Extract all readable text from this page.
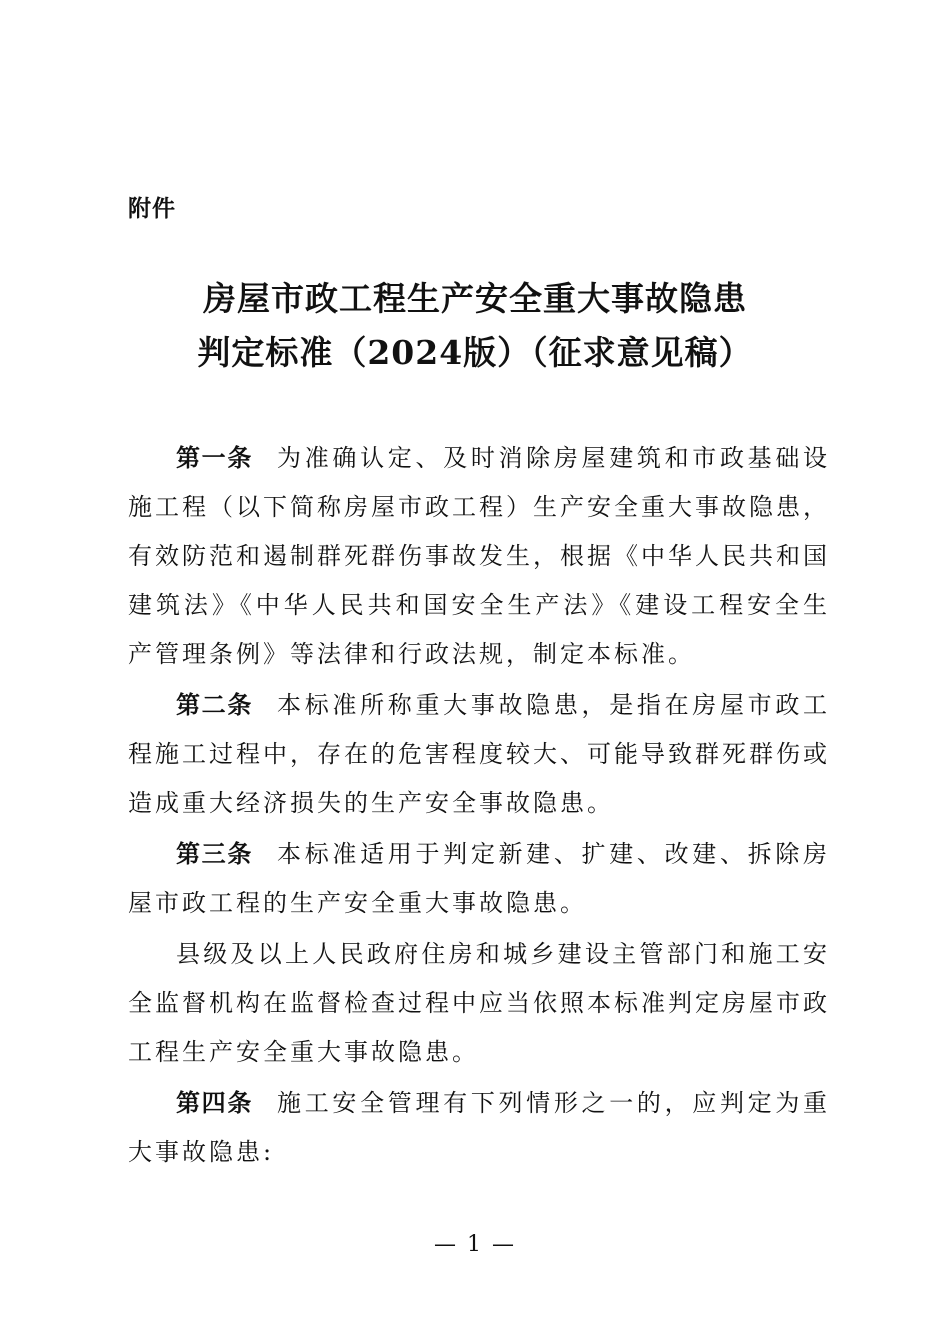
附件
房屋市政工程生产安全重大事故隐患
判定标准（2024版）（征求意见稿）

第一条 为准确认定、及时消除房屋建筑和市政基础设施工程（以下简称房屋市政工程）生产安全重大事故隐患，有效防范和遏制群死群伤事故发生，根据《中华人民共和国建筑法》《中华人民共和国安全生产法》《建设工程安全生产管理条例》等法律和行政法规，制定本标准。

第二条 本标准所称重大事故隐患，是指在房屋市政工程施工过程中，存在的危害程度较大、可能导致群死群伤或造成重大经济损失的生产安全事故隐患。

第三条 本标准适用于判定新建、扩建、改建、拆除房屋市政工程的生产安全重大事故隐患。

县级及以上人民政府住房和城乡建设主管部门和施工安全监督机构在监督检查过程中应当依照本标准判定房屋市政工程生产安全重大事故隐患。

第四条 施工安全管理有下列情形之一的，应判定为重大事故隐患:

— 1 —
